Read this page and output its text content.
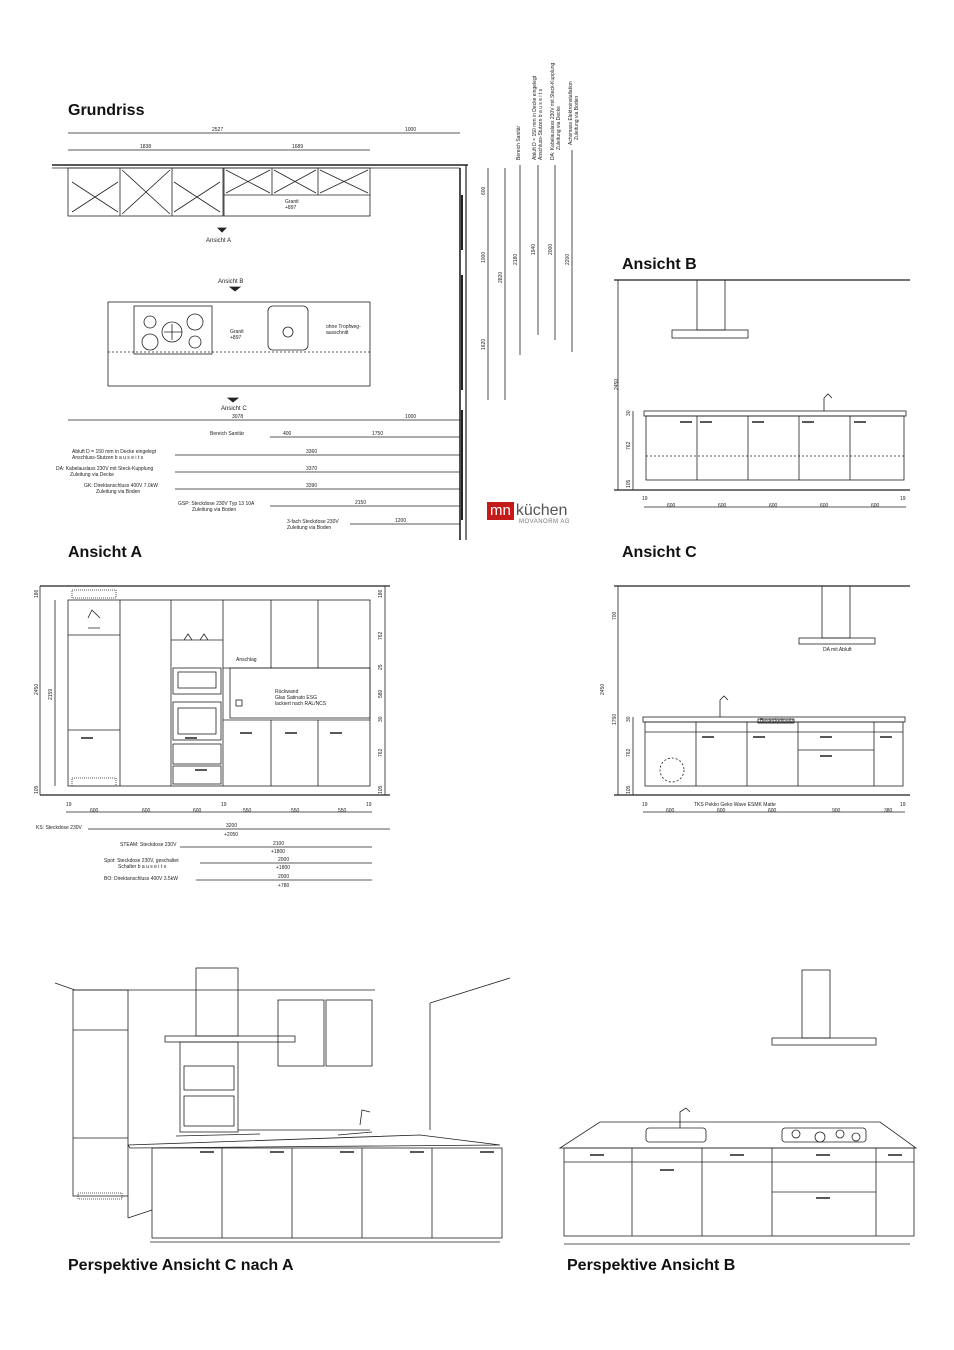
Grundriss
Ansicht B
Ansicht A	Ansicht C
Perspektive Ansicht C nach A	Perspektive Ansicht B
mn küchen
MOVANORM AG
2527	1000
1838	1689
Granit +897
Ansicht A
Ansicht B
Granit +897
ohne Tropfweg-ausschnitt
Ansicht C
3078	1000
Bereich Sanitär	400	1750
600
1000
1620
2820
2180
1940 2000
2200
Bereich Sanitär Abluft D = 150 mm in Decke eingelegt Anschluss-Stutzen b a u s e i t s DA: Kabelauslass 230V mit Steck-Kupplung Zuleitung via Decke Achsmass Elektroinstallation Zuleitung via Boden
Abluft D = 150 mm in Decke eingelegt
Anschluss-Stutzen b a u s e i t s
3360
DA: Kabelauslass 230V mit Steck-Kupplung
Zuleitung via Decke
3370
GK: Direktanschluss 400V 7.0kW
Zuleitung via Boden
3390
GSP: Steckdose 230V Typ 13 10A
Zuleitung via Boden
2150
3-fach Steckdose 230V
Zuleitung via Boden
1200
2450
30
762
105
19
600	600	600	600	600
19
Anschlag
Rückwand Glas Satinato ESG lackiert nach RAL/NCS
2450 2159
186
105
186
762
25
580
30
762
105
19
600	600	600
19
550	550	550
19
KS: Steckdose 230V	3200
+2050
STEAM: Steckdose 230V	2100
+1800
Spot: Steckdose 230V, geschaltet
Schalter b a u s e i t s
2000
+1800
BO: Direktanschluss 400V 3.5kW	2000
+780
DA mit Abluft
Besteckeinsatz
700
2450
1750 30
762
105
TKS Pekko Geko Wave ESMK Matte
19
600	600	600	900	380
19
